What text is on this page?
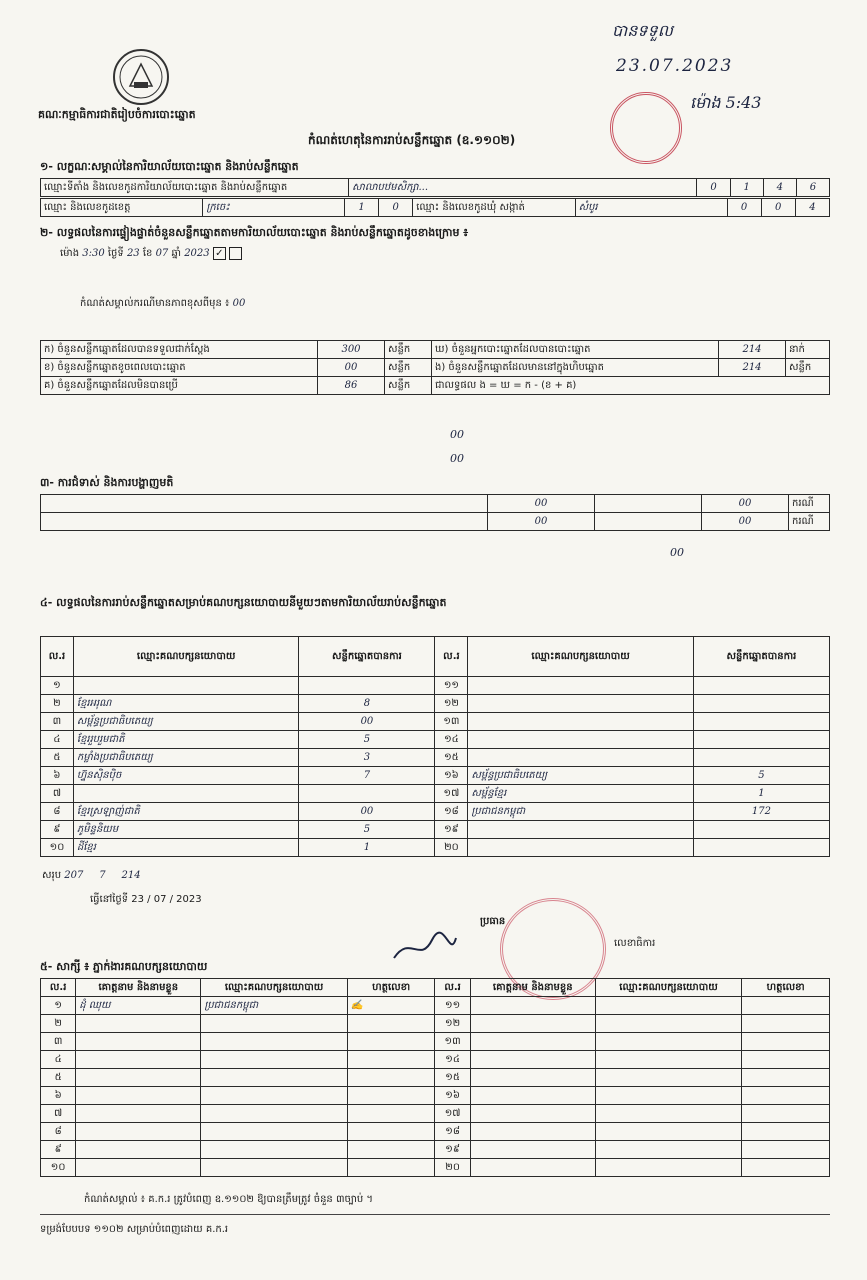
គណៈកម្មាធិការជាតិរៀបចំការបោះឆ្នោត
កំណត់ហេតុនៃការរាប់សន្លឹកឆ្នោត (ឧ.១១០២)
បានទទួល
23.07.2023
ម៉ោង 5:43
១- លក្ខណៈសម្គាល់នៃការិយាល័យបោះឆ្នោត និងរាប់សន្លឹកឆ្នោត
ឈ្មោះទីតាំង និងលេខកូដការិយាល័យបោះឆ្នោត និងរាប់សន្លឹកឆ្នោត	សាលាបឋមសិក្សា...	0	1	4	6
ឈ្មោះ និងលេខកូដខេត្ត	ក្រចេះ	1	0	ឈ្មោះ និងលេខកូដឃុំ សង្កាត់	សំបូរ	0	0	4
២- លទ្ធផលនៃការផ្ទៀងផ្ទាត់ចំនួនសន្លឹកឆ្នោតតាមការិយាល័យបោះឆ្នោត និងរាប់សន្លឹកឆ្នោតដូចខាងក្រោម ៖
ម៉ោង 3:30 ថ្ងៃទី 23 ខែ 07 ឆ្នាំ 2023 ✓
កំណត់សម្គាល់ករណីមានភាពខុសពីមុន ៖ 00
ក) ចំនួនសន្លឹកឆ្នោតដែលបានទទួលជាក់ស្តែង	300	សន្លឹក	ឃ) ចំនួនអ្នកបោះឆ្នោតដែលបានបោះឆ្នោត	214	នាក់
ខ) ចំនួនសន្លឹកឆ្នោតខូចពេលបោះឆ្នោត	00	សន្លឹក	ង) ចំនួនសន្លឹកឆ្នោតដែលមាននៅក្នុងហិបឆ្នោត	214	សន្លឹក
គ) ចំនួនសន្លឹកឆ្នោតដែលមិនបានប្រើ	86	សន្លឹក	ជាលទ្ធផល ង = ឃ = ក - (ខ + គ)		
00
00
៣- ការជំទាស់ និងការបង្ហាញមតិ
	00		00	ករណី
	00		00	ករណី
00
៤- លទ្ធផលនៃការរាប់សន្លឹកឆ្នោតសម្រាប់គណបក្សនយោបាយនីមួយៗតាមការិយាល័យរាប់សន្លឹកឆ្នោត
ល.រ	ឈ្មោះគណបក្សនយោបាយ	សន្លឹកឆ្នោតបានការ	ល.រ	ឈ្មោះគណបក្សនយោបាយ	សន្លឹកឆ្នោតបានការ
១			១១		
២	ខ្មែរអរុណ	8	១២		
៣	សម្ព័ន្ធប្រជាធិបតេយ្យ	00	១៣		
៤	ខ្មែររួបរួមជាតិ	5	១៤		
៥	កម្លាំងប្រជាធិបតេយ្យ	3	១៥		
៦	ហ្វ៊ុនស៊ិនប៉ិច	7	១៦	សម្ព័ន្ធប្រជាធិបតេយ្យ	5
៧			១៧	សម្ព័ន្ធខ្មែរ	1
៨	ខ្មែរស្រឡាញ់ជាតិ	00	១៨	ប្រជាជនកម្ពុជា	172
៩	ភូមិន្ទនិយម	5	១៩		
១០	ដីខ្មែរ	1	២០		
សរុប 207 7 214
ធ្វើនៅថ្ងៃទី 23 / 07 / 2023
ប្រធាន
លេខាធិការ
៥- សាក្សី ៖ ភ្នាក់ងារគណបក្សនយោបាយ
ល.រ	គោត្តនាម និងនាមខ្លួន	ឈ្មោះគណបក្សនយោបាយ	ហត្ថលេខា	ល.រ	គោត្តនាម និងនាមខ្លួន	ឈ្មោះគណបក្សនយោបាយ	ហត្ថលេខា
១	ដុំ ឈុយ	ប្រជាជនកម្ពុជា	✍	១១			
២				១២			
៣				១៣			
៤				១៤			
៥				១៥			
៦				១៦			
៧				១៧			
៨				១៨			
៩				១៩			
១០				២០			
កំណត់សម្គាល់ ៖ គ.ក.រ ត្រូវបំពេញ ឧ.១១០២ ឱ្យបានត្រឹមត្រូវ ចំនួន ៣ច្បាប់ ។
ទម្រង់បែបបទ ១១០២ សម្រាប់បំពេញដោយ គ.ក.រ
